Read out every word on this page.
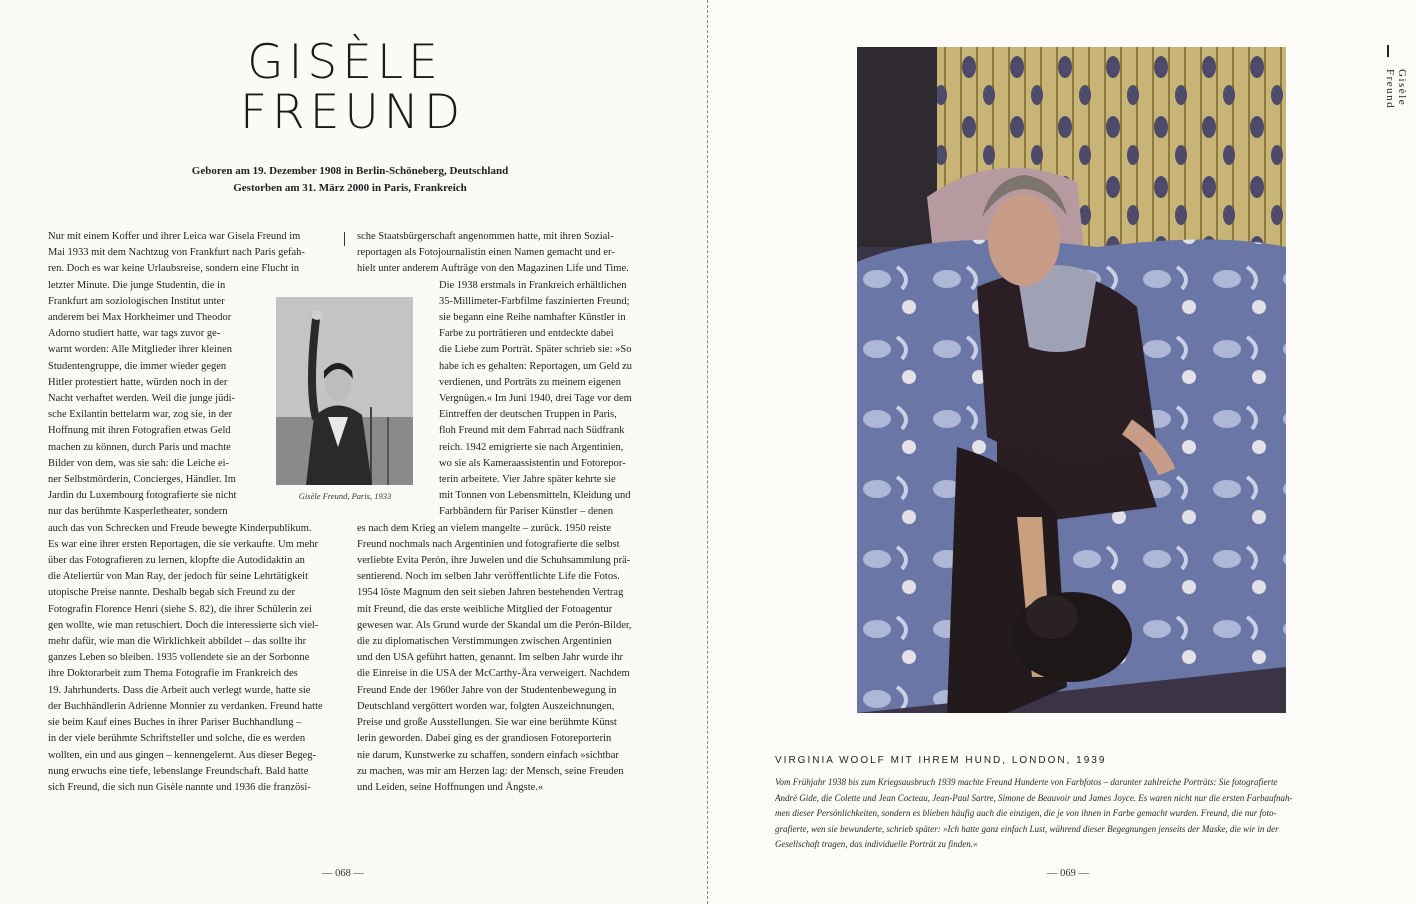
GISÈLE
FREUND
Geboren am 19. Dezember 1908 in Berlin-Schöneberg, Deutschland
Gestorben am 31. März 2000 in Paris, Frankreich
Nur mit einem Koffer und ihrer Leica war Gisela Freund im
Mai 1933 mit dem Nachtzug von Frankfurt nach Paris gefah-
ren. Doch es war keine Urlaubsreise, sondern eine Flucht in
letzter Minute. Die junge Studentin, die in
Frankfurt am soziologischen Institut unter
anderem bei Max Horkheimer und Theodor
Adorno studiert hatte, war tags zuvor ge-
warnt worden: Alle Mitglieder ihrer kleinen
Studentengruppe, die immer wieder gegen
Hitler protestiert hatte, würden noch in der
Nacht verhaftet werden. Weil die junge jüdi-
sche Exilantin bettelarm war, zog sie, in der
Hoffnung mit ihren Fotografien etwas Geld
machen zu können, durch Paris und machte
Bilder von dem, was sie sah: die Leiche ei-
ner Selbstmörderin, Concierges, Händler. Im
Jardin du Luxembourg fotografierte sie nicht
nur das berühmte Kasperletheater, sondern
auch das von Schrecken und Freude bewegte Kinderpublikum.
Es war eine ihrer ersten Reportagen, die sie verkaufte. Um mehr
über das Fotografieren zu lernen, klopfte die Autodidaktin an
die Ateliertür von Man Ray, der jedoch für seine Lehrtätigkeit
utopische Preise nannte. Deshalb begab sich Freund zu der
Fotografin Florence Henri (siehe S. 82), die ihrer Schülerin zei
gen wollte, wie man retuschiert. Doch die interessierte sich viel-
mehr dafür, wie man die Wirklichkeit abbildet – das sollte ihr
ganzes Leben so bleiben. 1935 vollendete sie an der Sorbonne
ihre Doktorarbeit zum Thema Fotografie im Frankreich des
19. Jahrhunderts. Dass die Arbeit auch verlegt wurde, hatte sie
der Buchhändlerin Adrienne Monnier zu verdanken. Freund hatte
sie beim Kauf eines Buches in ihrer Pariser Buchhandlung –
in der viele berühmte Schriftsteller und solche, die es werden
wollten, ein und aus gingen – kennengelernt. Aus dieser Begeg-
nung erwuchs eine tiefe, lebenslange Freundschaft. Bald hatte
sich Freund, die sich nun Gisèle nannte und 1936 die französi-
Gisèle Freund, Paris, 1933
sche Staatsbürgerschaft angenommen hatte, mit ihren Sozial-
reportagen als Fotojournalistin einen Namen gemacht und er-
hielt unter anderem Aufträge von den Magazinen Life und Time.
Die 1938 erstmals in Frankreich erhältlichen
35-Millimeter-Farbfilme faszinierten Freund;
sie begann eine Reihe namhafter Künstler in
Farbe zu porträtieren und entdeckte dabei
die Liebe zum Porträt. Später schrieb sie: »So
habe ich es gehalten: Reportagen, um Geld zu
verdienen, und Porträts zu meinem eigenen
Vergnügen.« Im Juni 1940, drei Tage vor dem
Eintreffen der deutschen Truppen in Paris,
floh Freund mit dem Fahrrad nach Südfrank
reich. 1942 emigrierte sie nach Argentinien,
wo sie als Kameraassistentin und Fotorepor-
terin arbeitete. Vier Jahre später kehrte sie
mit Tonnen von Lebensmitteln, Kleidung und
Farbbändern für Pariser Künstler – denen
es nach dem Krieg an vielem mangelte – zurück. 1950 reiste
Freund nochmals nach Argentinien und fotografierte die selbst
verliebte Evita Perón, ihre Juwelen und die Schuhsammlung prä-
sentierend. Noch im selben Jahr veröffentlichte Life die Fotos.
1954 löste Magnum den seit sieben Jahren bestehenden Vertrag
mit Freund, die das erste weibliche Mitglied der Fotoagentur
gewesen war. Als Grund wurde der Skandal um die Perón-Bilder,
die zu diplomatischen Verstimmungen zwischen Argentinien
und den USA geführt hatten, genannt. Im selben Jahr wurde ihr
die Einreise in die USA der McCarthy-Ära verweigert. Nachdem
Freund Ende der 1960er Jahre von der Studentenbewegung in
Deutschland vergöttert worden war, folgten Auszeichnungen,
Preise und große Ausstellungen. Sie war eine berühmte Künst
lerin geworden. Dabei ging es der grandiosen Fotoreporterin
nie darum, Kunstwerke zu schaffen, sondern einfach »sichtbar
zu machen, was mir am Herzen lag: der Mensch, seine Freuden
und Leiden, seine Hoffnungen und Ängste.«
— 068 —
Gisèle Freund
VIRGINIA WOOLF MIT IHREM HUND, LONDON, 1939
Vom Frühjahr 1938 bis zum Kriegsausbruch 1939 machte Freund Hunderte von Farbfotos – darunter zahlreiche Porträts: Sie fotografierte
André Gide, die Colette und Jean Cocteau, Jean-Paul Sartre, Simone de Beauvoir und James Joyce. Es waren nicht nur die ersten Farbaufnah-
men dieser Persönlichkeiten, sondern es blieben häufig auch die einzigen, die je von ihnen in Farbe gemacht wurden. Freund, die nur foto-
grafierte, wen sie bewunderte, schrieb später: »Ich hatte ganz einfach Lust, während dieser Begegnungen jenseits der Maske, die wir in der
Gesellschaft tragen, das individuelle Porträt zu finden.«
— 069 —
